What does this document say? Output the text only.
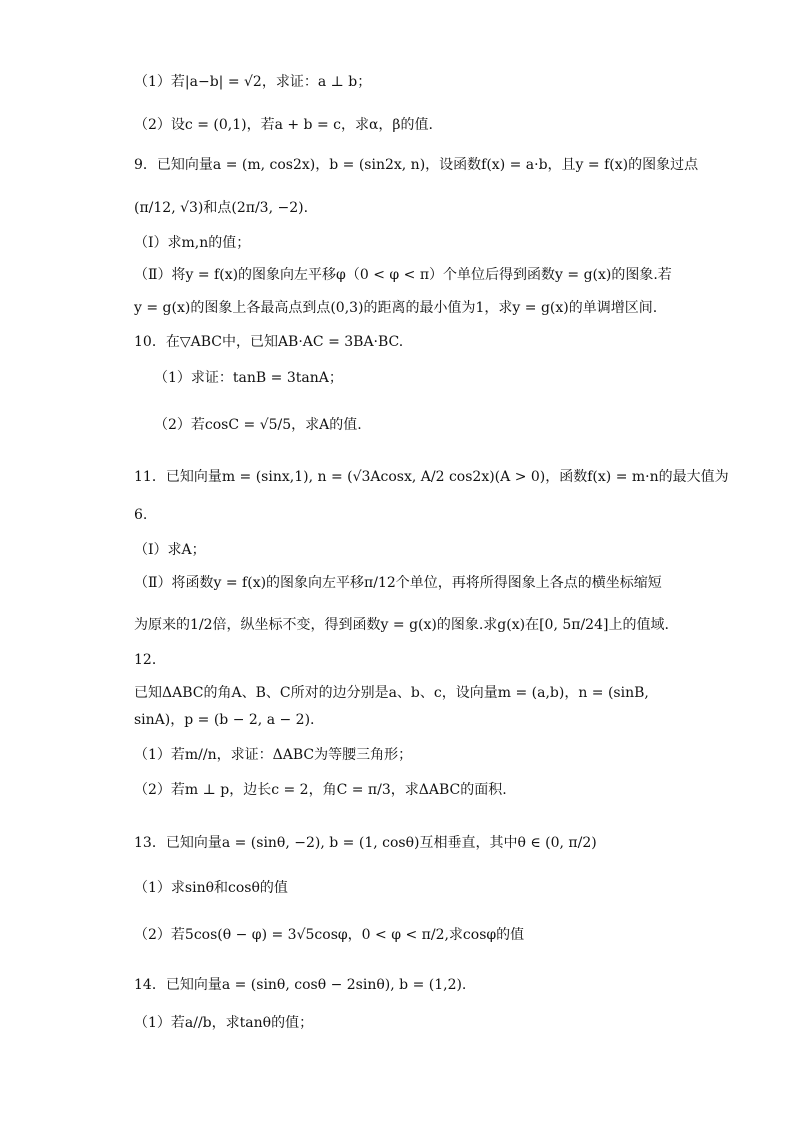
（1）若|a−b| = √2，求证：a ⊥ b；
（2）设c = (0,1)，若a + b = c，求α，β的值.
9．已知向量a = (m, cos2x)，b = (sin2x, n)，设函数f(x) = a·b，且y = f(x)的图象过点
(π/12, √3)和点(2π/3, −2).
（Ⅰ）求m,n的值；
（Ⅱ）将y = f(x)的图象向左平移φ（0 < φ < π）个单位后得到函数y = g(x)的图象.若
y = g(x)的图象上各最高点到点(0,3)的距离的最小值为1，求y = g(x)的单调增区间.
10．在▽ABC中，已知AB·AC = 3BA·BC.
（1）求证：tanB = 3tanA；
（2）若cosC = √5/5，求A的值.
11．已知向量m = (sinx,1), n = (√3Acosx, A/2 cos2x)(A > 0)，函数f(x) = m·n的最大值为
6.
（Ⅰ）求A；
（Ⅱ）将函数y = f(x)的图象向左平移π/12个单位，再将所得图象上各点的横坐标缩短
为原来的1/2倍，纵坐标不变，得到函数y = g(x)的图象.求g(x)在[0, 5π/24]上的值域.
12．
已知ΔABC的角A、B、C所对的边分别是a、b、c，设向量m = (a,b)，n = (sinB,
sinA)，p = (b − 2, a − 2).
（1）若m//n，求证：ΔABC为等腰三角形；
（2）若m ⊥ p，边长c = 2，角C = π/3，求ΔABC的面积.
13．已知向量a = (sinθ, −2), b = (1, cosθ)互相垂直，其中θ ∈ (0, π/2)
（1）求sinθ和cosθ的值
（2）若5cos(θ − φ) = 3√5cosφ，0 < φ < π/2,求cosφ的值
14．已知向量a = (sinθ, cosθ − 2sinθ), b = (1,2).
（1）若a//b，求tanθ的值；
